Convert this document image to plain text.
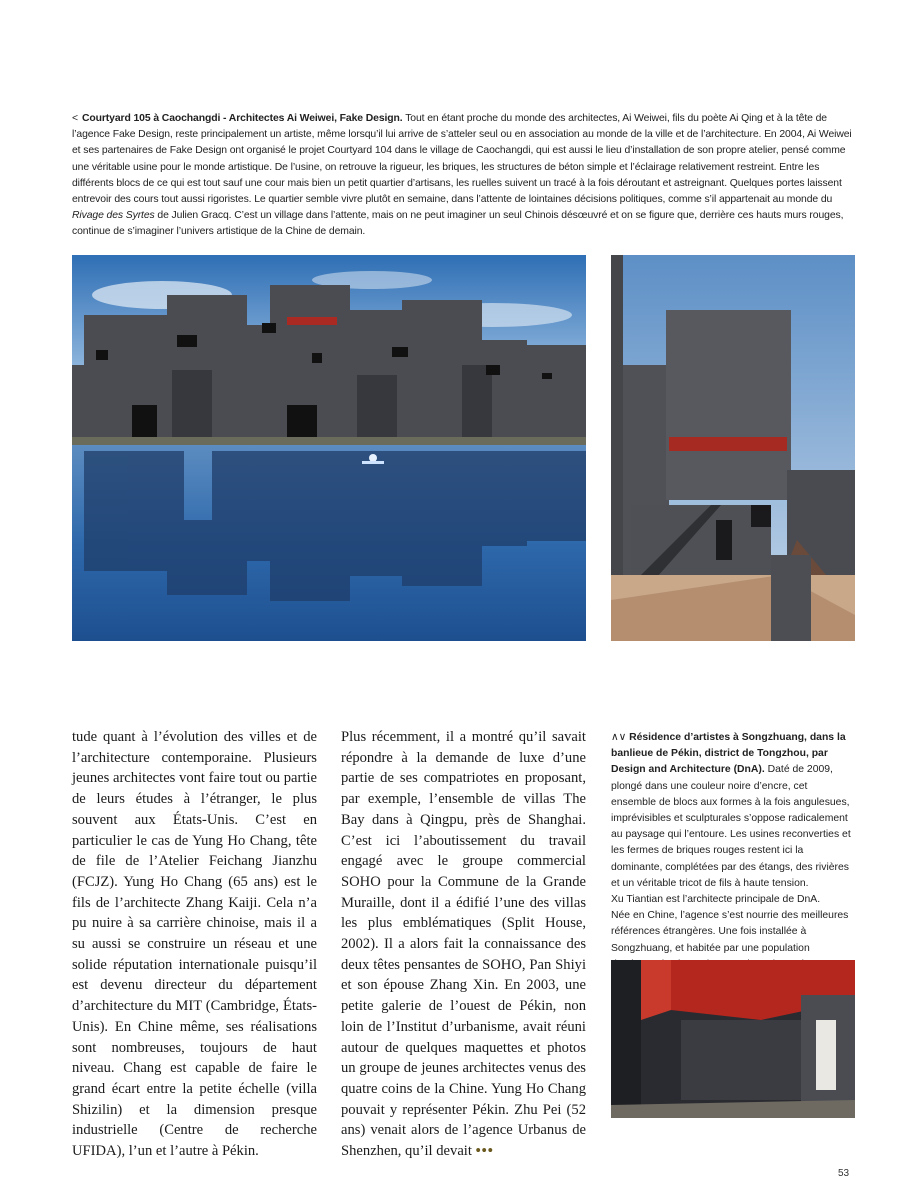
< Courtyard 105 à Caochangdi - Architectes Ai Weiwei, Fake Design. Tout en étant proche du monde des architectes, Ai Weiwei, fils du poète Ai Qing et à la tête de l’agence Fake Design, reste principalement un artiste, même lorsqu’il lui arrive de s’atteler seul ou en association au monde de la ville et de l’architecture. En 2004, Ai Weiwei et ses partenaires de Fake Design ont organisé le projet Courtyard 104 dans le village de Caochangdi, qui est aussi le lieu d’installation de son propre atelier, pensé comme une véritable usine pour le monde artistique. De l’usine, on retrouve la rigueur, les briques, les structures de béton simple et l’éclairage relativement restreint. Entre les différents blocs de ce qui est tout sauf une cour mais bien un petit quartier d’artisans, les ruelles suivent un tracé à la fois déroutant et astreignant. Quelques portes laissent entrevoir des cours tout aussi rigoristes. Le quartier semble vivre plutôt en semaine, dans l’attente de lointaines décisions politiques, comme s’il appartenait au monde du Rivage des Syrtes de Julien Gracq. C’est un village dans l’attente, mais on ne peut imaginer un seul Chinois désœuvré et on se figure que, derrière ces hauts murs rouges, continue de s’imaginer l’univers artistique de la Chine de demain.
tude quant à l’évolution des villes et de l’architecture contemporaine. Plusieurs jeunes architectes vont faire tout ou partie de leurs études à l’étranger, le plus souvent aux États-Unis. C’est en particulier le cas de Yung Ho Chang, tête de file de l’Atelier Feichang Jianzhu (FCJZ). Yung Ho Chang (65 ans) est le fils de l’architecte Zhang Kaiji. Cela n’a pu nuire à sa carrière chinoise, mais il a su aussi se construire un réseau et une solide réputation internationale puisqu’il est devenu directeur du département d’architecture du MIT (Cambridge, États-Unis). En Chine même, ses réalisations sont nombreuses, toujours de haut niveau. Chang est capable de faire le grand écart entre la petite échelle (villa Shizilin) et la dimension presque industrielle (Centre de recherche UFIDA), l’un et l’autre à Pékin.
Plus récemment, il a montré qu’il savait répondre à la demande de luxe d’une partie de ses compatriotes en proposant, par exemple, l’ensemble de villas The Bay dans à Qingpu, près de Shanghai. C’est ici l’aboutissement du travail engagé avec le groupe commercial SOHO pour la Commune de la Grande Muraille, dont il a édifié l’une des villas les plus emblématiques (Split House, 2002). Il a alors fait la connaissance des deux têtes pensantes de SOHO, Pan Shiyi et son épouse Zhang Xin. En 2003, une petite galerie de l’ouest de Pékin, non loin de l’Institut d’urbanisme, avait réuni autour de quelques maquettes et photos un groupe de jeunes architectes venus des quatre coins de la Chine. Yung Ho Chang pouvait y représenter Pékin. Zhu Pei (52 ans) venait alors de l’agence Urbanus de Shenzhen, qu’il devait •••

∧∨ Résidence d’artistes à Songzhuang, dans la banlieue de Pékin, district de Tongzhou, par Design and Architecture (DnA). Daté de 2009, plongé dans une couleur noire d’encre, cet ensemble de blocs aux formes à la fois angulesues, imprévisibles et sculpturales s’oppose radicalement au paysage qui l’entoure. Les usines reconverties et les fermes de briques rouges restent ici la dominante, complétées par des étangs, des rivières et un véritable tricot de fils à haute tension.

Xu Tiantian est l’architecte principale de DnA.

Née en Chine, l’agence s’est nourrie des meilleures références étrangères. Une fois installée à Songzhuang, et habitée par une population

53
